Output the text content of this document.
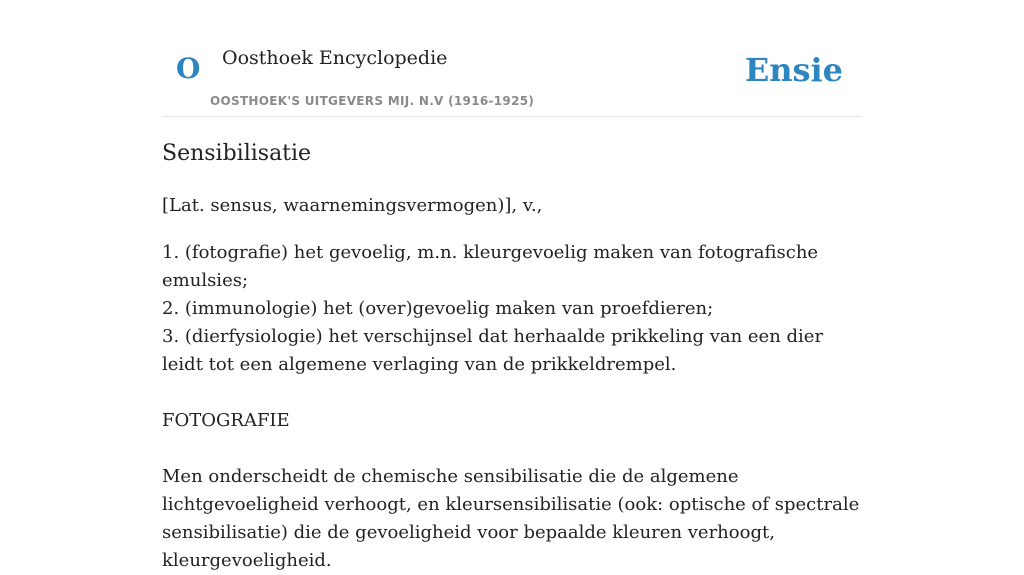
O Oosthoek Encyclopedie
OOSTHOEK'S UITGEVERS MIJ. N.V (1916-1925)
Ensie
Sensibilisatie

[Lat. sensus, waarnemingsvermogen)], v.,

1. (fotografie) het gevoelig, m.n. kleurgevoelig maken van fotografische emulsies;
2. (immunologie) het (over)gevoelig maken van proefdieren;
3. (dierfysiologie) het verschijnsel dat herhaalde prikkeling van een dier leidt tot een algemene verlaging van de prikkeldrempel.

FOTOGRAFIE

Men onderscheidt de chemische sensibilisatie die de algemene lichtgevoeligheid verhoogt, en kleursensibilisatie (ook: optische of spectrale sensibilisatie) die de gevoeligheid voor bepaalde kleuren verhoogt, kleurgevoeligheid.
